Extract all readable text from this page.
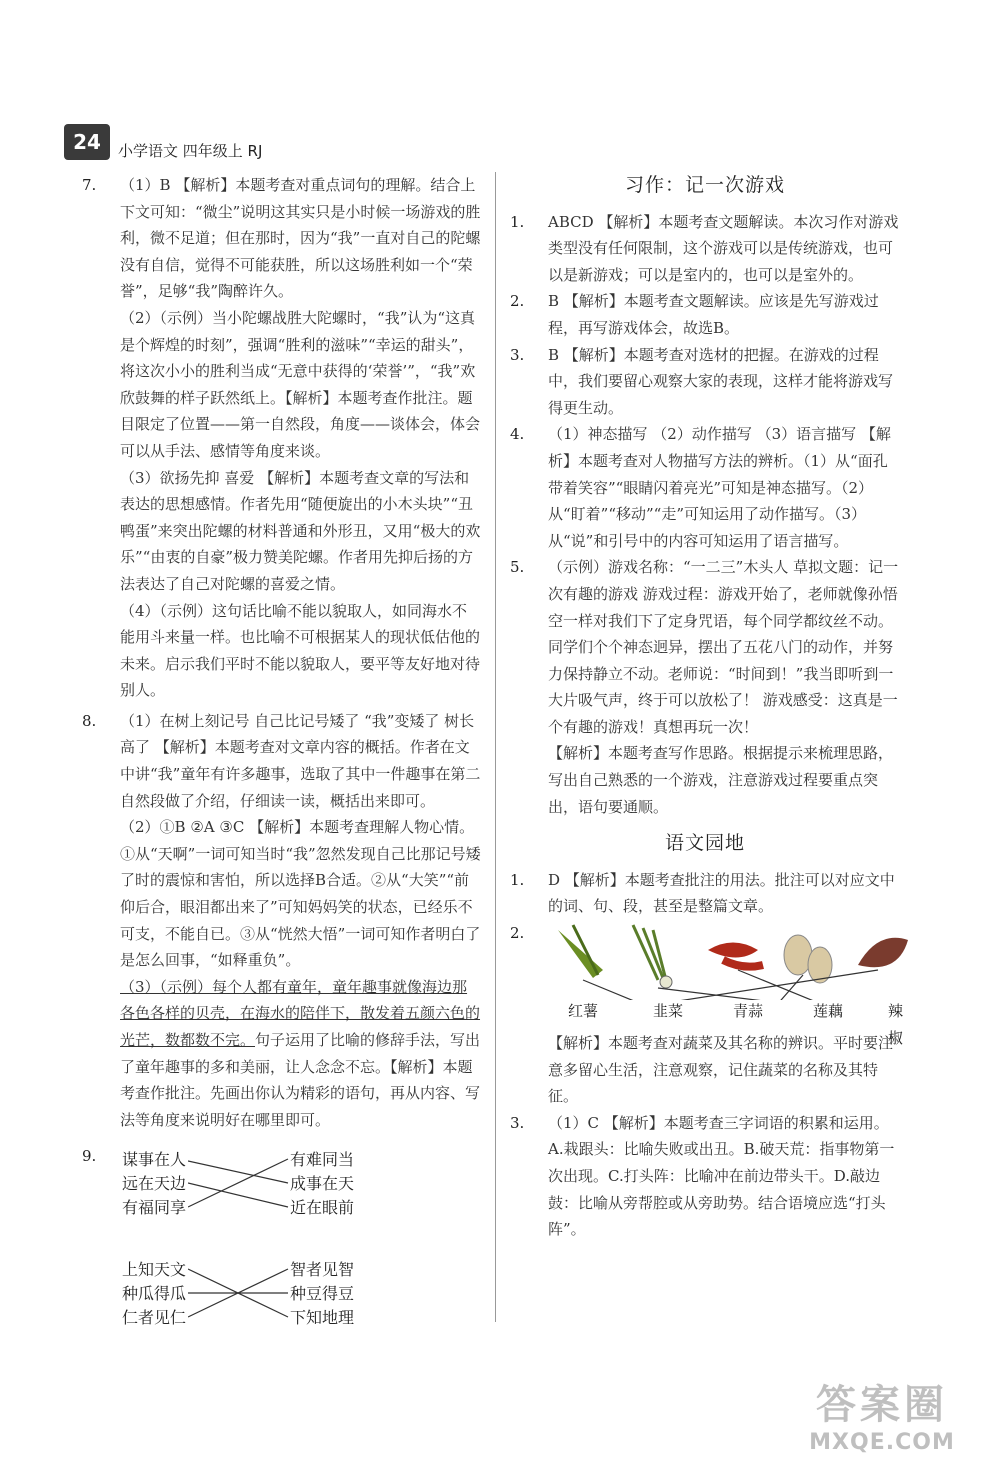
24	小学语文 四年级上 RJ
7.	（1）B 【解析】本题考查对重点词句的理解。结合上下文可知：“微尘”说明这其实只是小时候一场游戏的胜利，微不足道；但在那时，因为“我”一直对自己的陀螺没有自信，觉得不可能获胜，所以这场胜利如一个“荣誉”，足够“我”陶醉许久。
（2）（示例）当小陀螺战胜大陀螺时，“我”认为“这真是个辉煌的时刻”，强调“胜利的滋味”“幸运的甜头”，将这次小小的胜利当成“无意中获得的‘荣誉’”，“我”欢欣鼓舞的样子跃然纸上。【解析】本题考查作批注。题目限定了位置——第一自然段，角度——谈体会，体会可以从手法、感情等角度来谈。
（3）欲扬先抑 喜爱 【解析】本题考查文章的写法和表达的思想感情。作者先用“随便旋出的小木头块”“丑鸭蛋”来突出陀螺的材料普通和外形丑，又用“极大的欢乐”“由衷的自豪”极力赞美陀螺。作者用先抑后扬的方法表达了自己对陀螺的喜爱之情。
（4）（示例）这句话比喻不能以貌取人，如同海水不能用斗来量一样。也比喻不可根据某人的现状低估他的未来。启示我们平时不能以貌取人，要平等友好地对待别人。
8.	（1）在树上刻记号 自己比记号矮了 “我”变矮了 树长高了 【解析】本题考查对文章内容的概括。作者在文中讲“我”童年有许多趣事，选取了其中一件趣事在第二自然段做了介绍，仔细读一读，概括出来即可。
（2）①B ②A ③C 【解析】本题考查理解人物心情。①从“天啊”一词可知当时“我”忽然发现自己比那记号矮了时的震惊和害怕，所以选择B合适。②从“大笑”“前仰后合，眼泪都出来了”可知妈妈笑的状态，已经乐不可支，不能自已。③从“恍然大悟”一词可知作者明白了是怎么回事，“如释重负”。
（3）（示例）每个人都有童年，童年趣事就像海边那各色各样的贝壳，在海水的陪伴下，散发着五颜六色的光芒，数都数不完。句子运用了比喻的修辞手法，写出了童年趣事的多和美丽，让人念念不忘。【解析】本题考查作批注。先画出你认为精彩的语句，再从内容、写法等角度来说明好在哪里即可。
9.	谋事在人
远在天边
有福同享
有难同当
成事在天
近在眼前
上知天文
种瓜得瓜
仁者见仁
智者见智
种豆得豆
下知地理
习作：记一次游戏
1.	ABCD 【解析】本题考查文题解读。本次习作对游戏类型没有任何限制，这个游戏可以是传统游戏，也可以是新游戏；可以是室内的，也可以是室外的。
2.	B 【解析】本题考查文题解读。应该是先写游戏过程，再写游戏体会，故选B。
3.	B 【解析】本题考查对选材的把握。在游戏的过程中，我们要留心观察大家的表现，这样才能将游戏写得更生动。
4.	（1）神态描写 （2）动作描写 （3）语言描写 【解析】本题考查对人物描写方法的辨析。（1）从“面孔带着笑容”“眼睛闪着亮光”可知是神态描写。（2）从“盯着”“移动”“走”可知运用了动作描写。（3）从“说”和引号中的内容可知运用了语言描写。
5.	（示例）游戏名称：“一二三”木头人 草拟文题：记一次有趣的游戏 游戏过程：游戏开始了，老师就像孙悟空一样对我们下了定身咒语，每个同学都纹丝不动。同学们个个神态迥异，摆出了五花八门的动作，并努力保持静立不动。老师说：“时间到！”我当即听到一大片吸气声，终于可以放松了！ 游戏感受：这真是一个有趣的游戏！真想再玩一次！
【解析】本题考查写作思路。根据提示来梳理思路，写出自己熟悉的一个游戏，注意游戏过程要重点突出，语句要通顺。
语文园地
1.	D 【解析】本题考查批注的用法。批注可以对应文中的词、句、段，甚至是整篇文章。
2.
红薯	韭菜	青蒜	莲藕	辣椒
【解析】本题考查对蔬菜及其名称的辨识。平时要注意多留心生活，注意观察，记住蔬菜的名称及其特征。
3.	（1）C 【解析】本题考查三字词语的积累和运用。A.栽跟头：比喻失败或出丑。B.破天荒：指事物第一次出现。C.打头阵：比喻冲在前边带头干。D.敲边鼓：比喻从旁帮腔或从旁助势。结合语境应选“打头阵”。
答案圈
MXQE.COM
